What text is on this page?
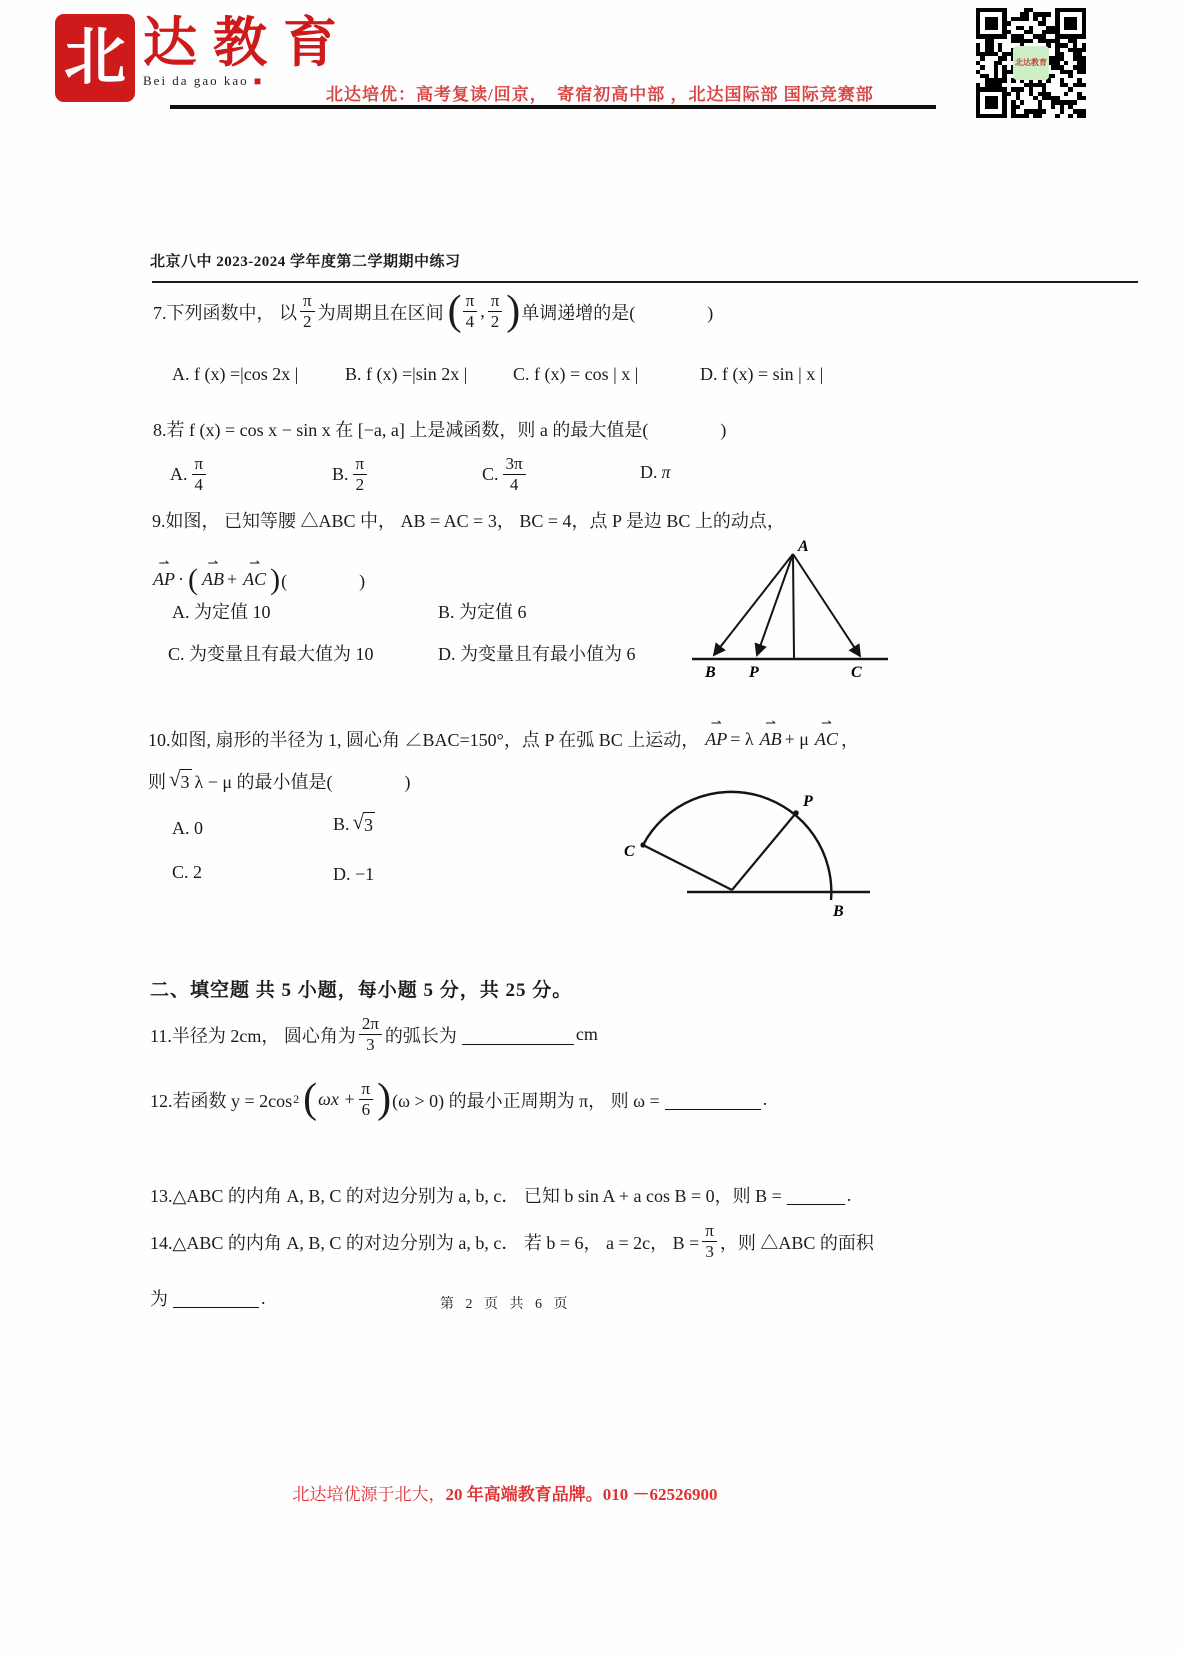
北 达教育
Bei da gao kao ■
北达培优：高考复读/回京，　寄宿初高中部 ，北达国际部 国际竞赛部
北达教育
北京八中 2023-2024 学年度第二学期期中练习
7.下列函数中， 以 $\frac{\pi}{2}$ 为周期且在区间 ( $\frac{\pi}{4}$ , $\frac{\pi}{2}$ ) 单调递增的是(　　　　)
A. f (x) =|cos 2x |	B. f (x) =|sin 2x |	C. f (x) = cos | x |	D. f (x) = sin | x |
8.若 f (x) = cos x − sin x 在 [−a, a] 上是减函数，则 a 的最大值是(　　　　)
A. $\frac{\pi}{4}$	B. $\frac{\pi}{2}$	C. $\frac{3\pi}{4}$	D. π
9.如图， 已知等腰 △ABC 中， AB = AC = 3， BC = 4，点 P 是边 BC 上的动点，
⇀ AP · ( ⇀ AB + ⇀ AC ) (　　　　)
A. 为定值 10	B. 为定值 6
C. 为变量且有最大值为 10	D. 为变量且有最小值为 6
A
B P	C
10.如图, 扇形的半径为 1, 圆心角 ∠BAC=150°，点 P 在弧 BC 上运动， ⇀ AP = λ ⇀ AB + μ ⇀ AC ，
则 √ 3 λ − μ 的最小值是(　　　　)
A. 0	B. √ 3
C. 2	D. −1
C
P
B
二、填空题 共 5 小题，每小题 5 分，共 25 分。
11.半径为 2cm， 圆心角为 $\frac{2\pi}{3}$ 的弧长为	cm
12.若函数 y = 2cos 2 ( $\omega x + \frac{\pi}{6}$ ) (ω > 0) 的最小正周期为 π， 则 ω =	.
13.△ABC 的内角 A, B, C 的对边分别为 a, b, c． 已知 b sin A + a cos B = 0，则 B =	.
14.△ABC 的内角 A, B, C 的对边分别为 a, b, c． 若 b = 6， a = 2c， $B = \frac{\pi}{3}$ ，则 △ABC 的面积
为	.	第 2 页 共 6 页
北达培优源于北大，20 年高端教育品牌。010 －62526900
